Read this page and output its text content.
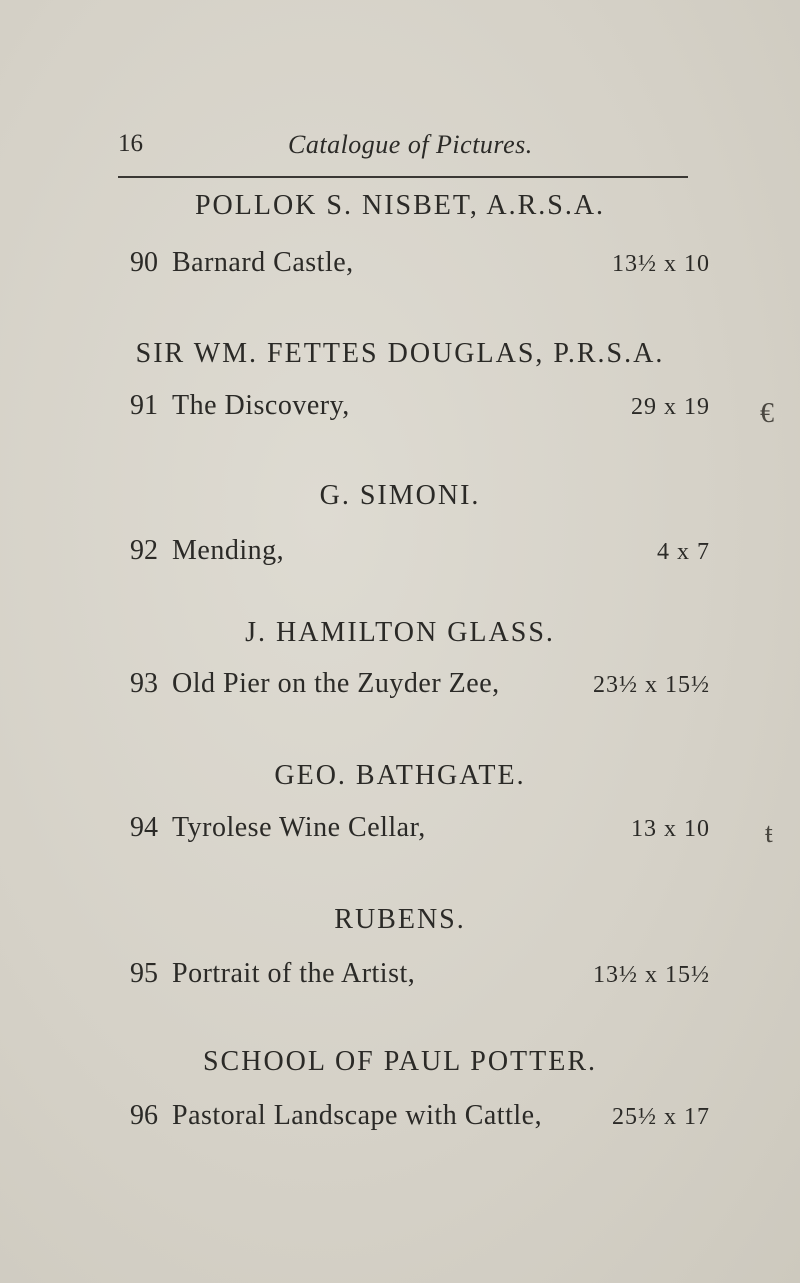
16	Catalogue of Pictures.
POLLOK S. NISBET, A.R.S.A.
90 Barnard Castle,	13½ x 10
SIR WM. FETTES DOUGLAS, P.R.S.A.
91 The Discovery,	29 x 19
G. SIMONI.
92 Mending,	4 x 7
J. HAMILTON GLASS.
93 Old Pier on the Zuyder Zee,	23½ x 15½
GEO. BATHGATE.
94 Tyrolese Wine Cellar,	13 x 10
RUBENS.
95 Portrait of the Artist,	13½ x 15½
SCHOOL OF PAUL POTTER.
96 Pastoral Landscape with Cattle,	25½ x 17
€
ŧ
